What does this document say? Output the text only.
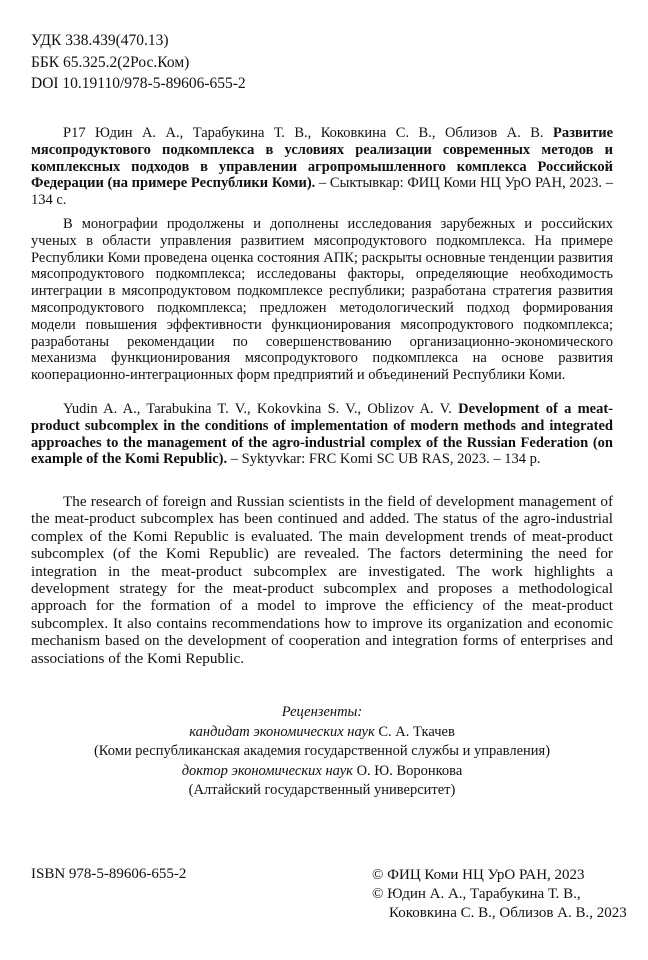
УДК 338.439(470.13)
ББК 65.325.2(2Рос.Ком)
DOI 10.19110/978-5-89606-655-2
Р17 Юдин А. А., Тарабукина Т. В., Коковкина С. В., Облизов А. В. Развитие мясопродуктового подкомплекса в условиях реализации современных методов и комплексных подходов в управлении агропромышленного комплекса Российской Федерации (на примере Республики Коми). – Сыктывкар: ФИЦ Коми НЦ УрО РАН, 2023. – 134 с.
В монографии продолжены и дополнены исследования зарубежных и российских ученых в области управления развитием мясопродуктового подкомплекса. На примере Республики Коми проведена оценка состояния АПК; раскрыты основные тенденции развития мясопродуктового подкомплекса; исследованы факторы, определяющие необходимость интеграции в мясопродуктовом подкомплексе республики; разработана стратегия развития мясопродуктового подкомплекса; предложен методологический подход формирования модели повышения эффективности функционирования мясопродуктового подкомплекса; разработаны рекомендации по совершенствованию организационно-экономического механизма функционирования мясопродуктового подкомплекса на основе развития кооперационно-интеграционных форм предприятий и объединений Республики Коми.
Yudin A. A., Tarabukina T. V., Kokovkina S. V., Oblizov A. V. Development of a meat-product subcomplex in the conditions of implementation of modern methods and integrated approaches to the management of the agro-industrial complex of the Russian Federation (on example of the Komi Republic). – Syktyvkar: FRC Komi SC UB RAS, 2023. – 134 p.
The research of foreign and Russian scientists in the field of development management of the meat-product subcomplex has been continued and added. The status of the agro-industrial complex of the Komi Republic is evaluated. The main development trends of meat-product subcomplex (of the Komi Republic) are revealed. The factors determining the need for integration in the meat-product subcomplex are investigated. The work highlights a development strategy for the meat-product subcomplex and proposes a methodological approach for the formation of a model to improve the efficiency of the meat-product subcomplex. It also contains recommendations how to improve its organization and economic mechanism based on the development of cooperation and integration forms of enterprises and associations of the Komi Republic.
Рецензенты:
кандидат экономических наук С. А. Ткачев
(Коми республиканская академия государственной службы и управления)
доктор экономических наук О. Ю. Воронкова
(Алтайский государственный университет)
ISBN 978-5-89606-655-2	© ФИЦ Коми НЦ УрО РАН, 2023
© Юдин А. А., Тарабукина Т. В.,
Коковкина С. В., Облизов А. В., 2023
